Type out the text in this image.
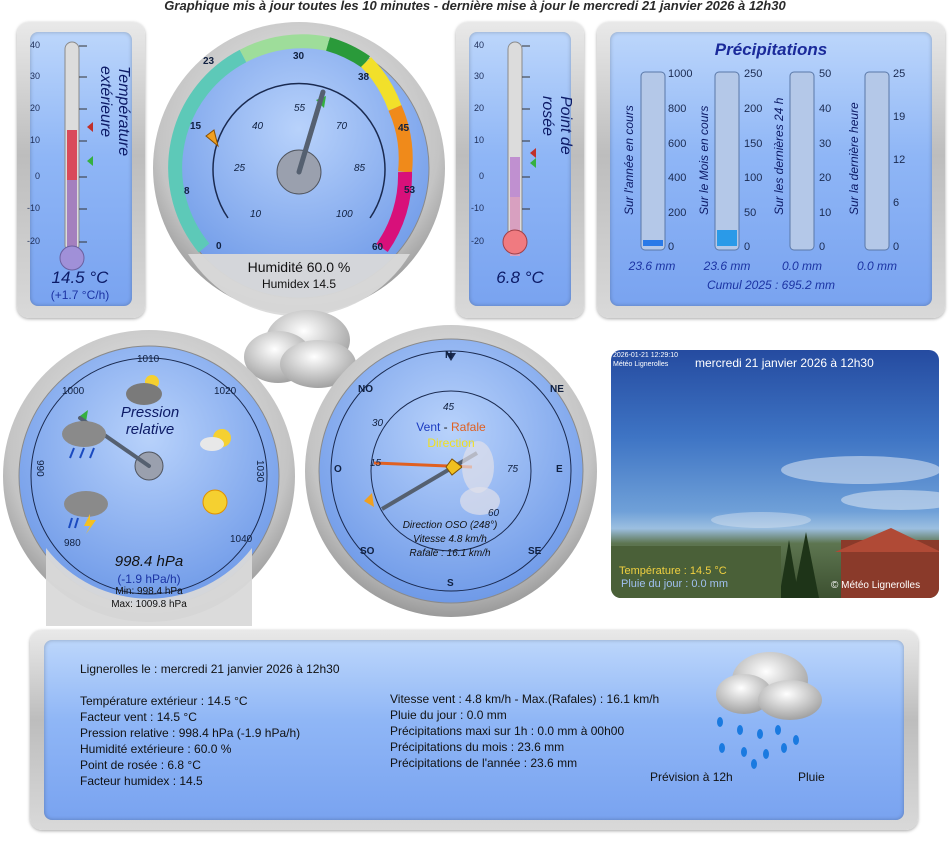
Graphique mis à jour toutes les 10 minutes - dernière mise à jour le mercredi 21 janvier 2026 à 12h30
40
30
20
10
0
-10
-20
Température extérieure
14.5 °C
(+1.7 °C/h)
23	30
38
45
53
60
15
8
0
10
25
40
55
70
85
100
Humidité 60.0 %
Humidex 14.5
40
30
20
10
0
-10
-20
Point de rosée
6.8 °C
Précipitations
Sur l'année en cours	Sur le Mois en cours	Sur les dernières 24 h	Sur la dernière heure
1000
800
600
400
200
0
250
200
150
100
50
0
50
40
30
20
10
0
25
19
12
6
0
23.6 mm	23.6 mm	0.0 mm	0.0 mm
Cumul 2025 : 695.2 mm
1010
1000
990
1020
1030
1040
980
Pression
relative
998.4 hPa
(-1.9 hPa/h)
Min: 998.4 hPa
Max: 1009.8 hPa
N
NE
E
SE
S
SO
O
NO
45
30
75
15
60
Vent - Rafale
Direction
Direction OSO (248°)
Vitesse 4.8 km/h
Rafale : 16.1 km/h
mercredi 21 janvier 2026 à 12h30
2026-01-21 12:29:10
Météo Lignerolles
Température : 14.5 °C
Pluie du jour : 0.0 mm	© Météo Lignerolles
Lignerolles le : mercredi 21 janvier 2026 à 12h30
Température extérieur : 14.5 °C
Facteur vent : 14.5 °C
Pression relative : 998.4 hPa (-1.9 hPa/h)
Humidité extérieure : 60.0 %
Point de rosée : 6.8 °C
Facteur humidex : 14.5
Vitesse vent : 4.8 km/h - Max.(Rafales) : 16.1 km/h
Pluie du jour : 0.0 mm
Précipitations maxi sur 1h : 0.0 mm à 00h00
Précipitations du mois : 23.6 mm
Précipitations de l'année : 23.6 mm
Prévision à 12h	Pluie
